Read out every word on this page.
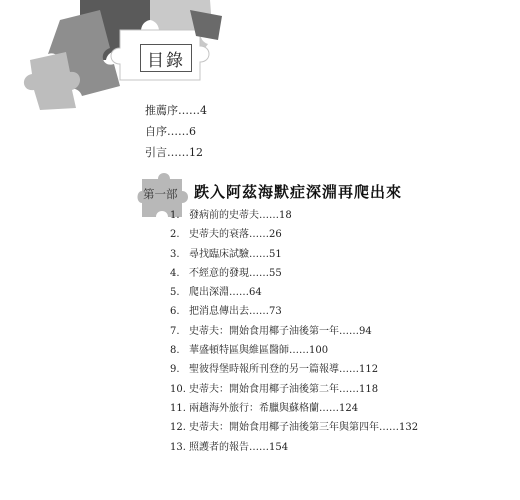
目錄
推薦序……4
自序……6
引言……12
第一部 跌入阿茲海默症深淵再爬出來
1. 發病前的史蒂夫……18
2. 史蒂夫的衰落……26
3. 尋找臨床試驗……51
4. 不經意的發現……55
5. 爬出深淵……64
6. 把消息傳出去……73
7. 史蒂夫：開始食用椰子油後第一年……94
8. 華盛頓特區與維區醫師……100
9. 聖彼得堡時報所刊登的另一篇報導……112
10. 史蒂夫：開始食用椰子油後第二年……118
11. 兩趟海外旅行：希臘與蘇格蘭……124
12. 史蒂夫：開始食用椰子油後第三年與第四年……132
13. 照護者的報告……154
